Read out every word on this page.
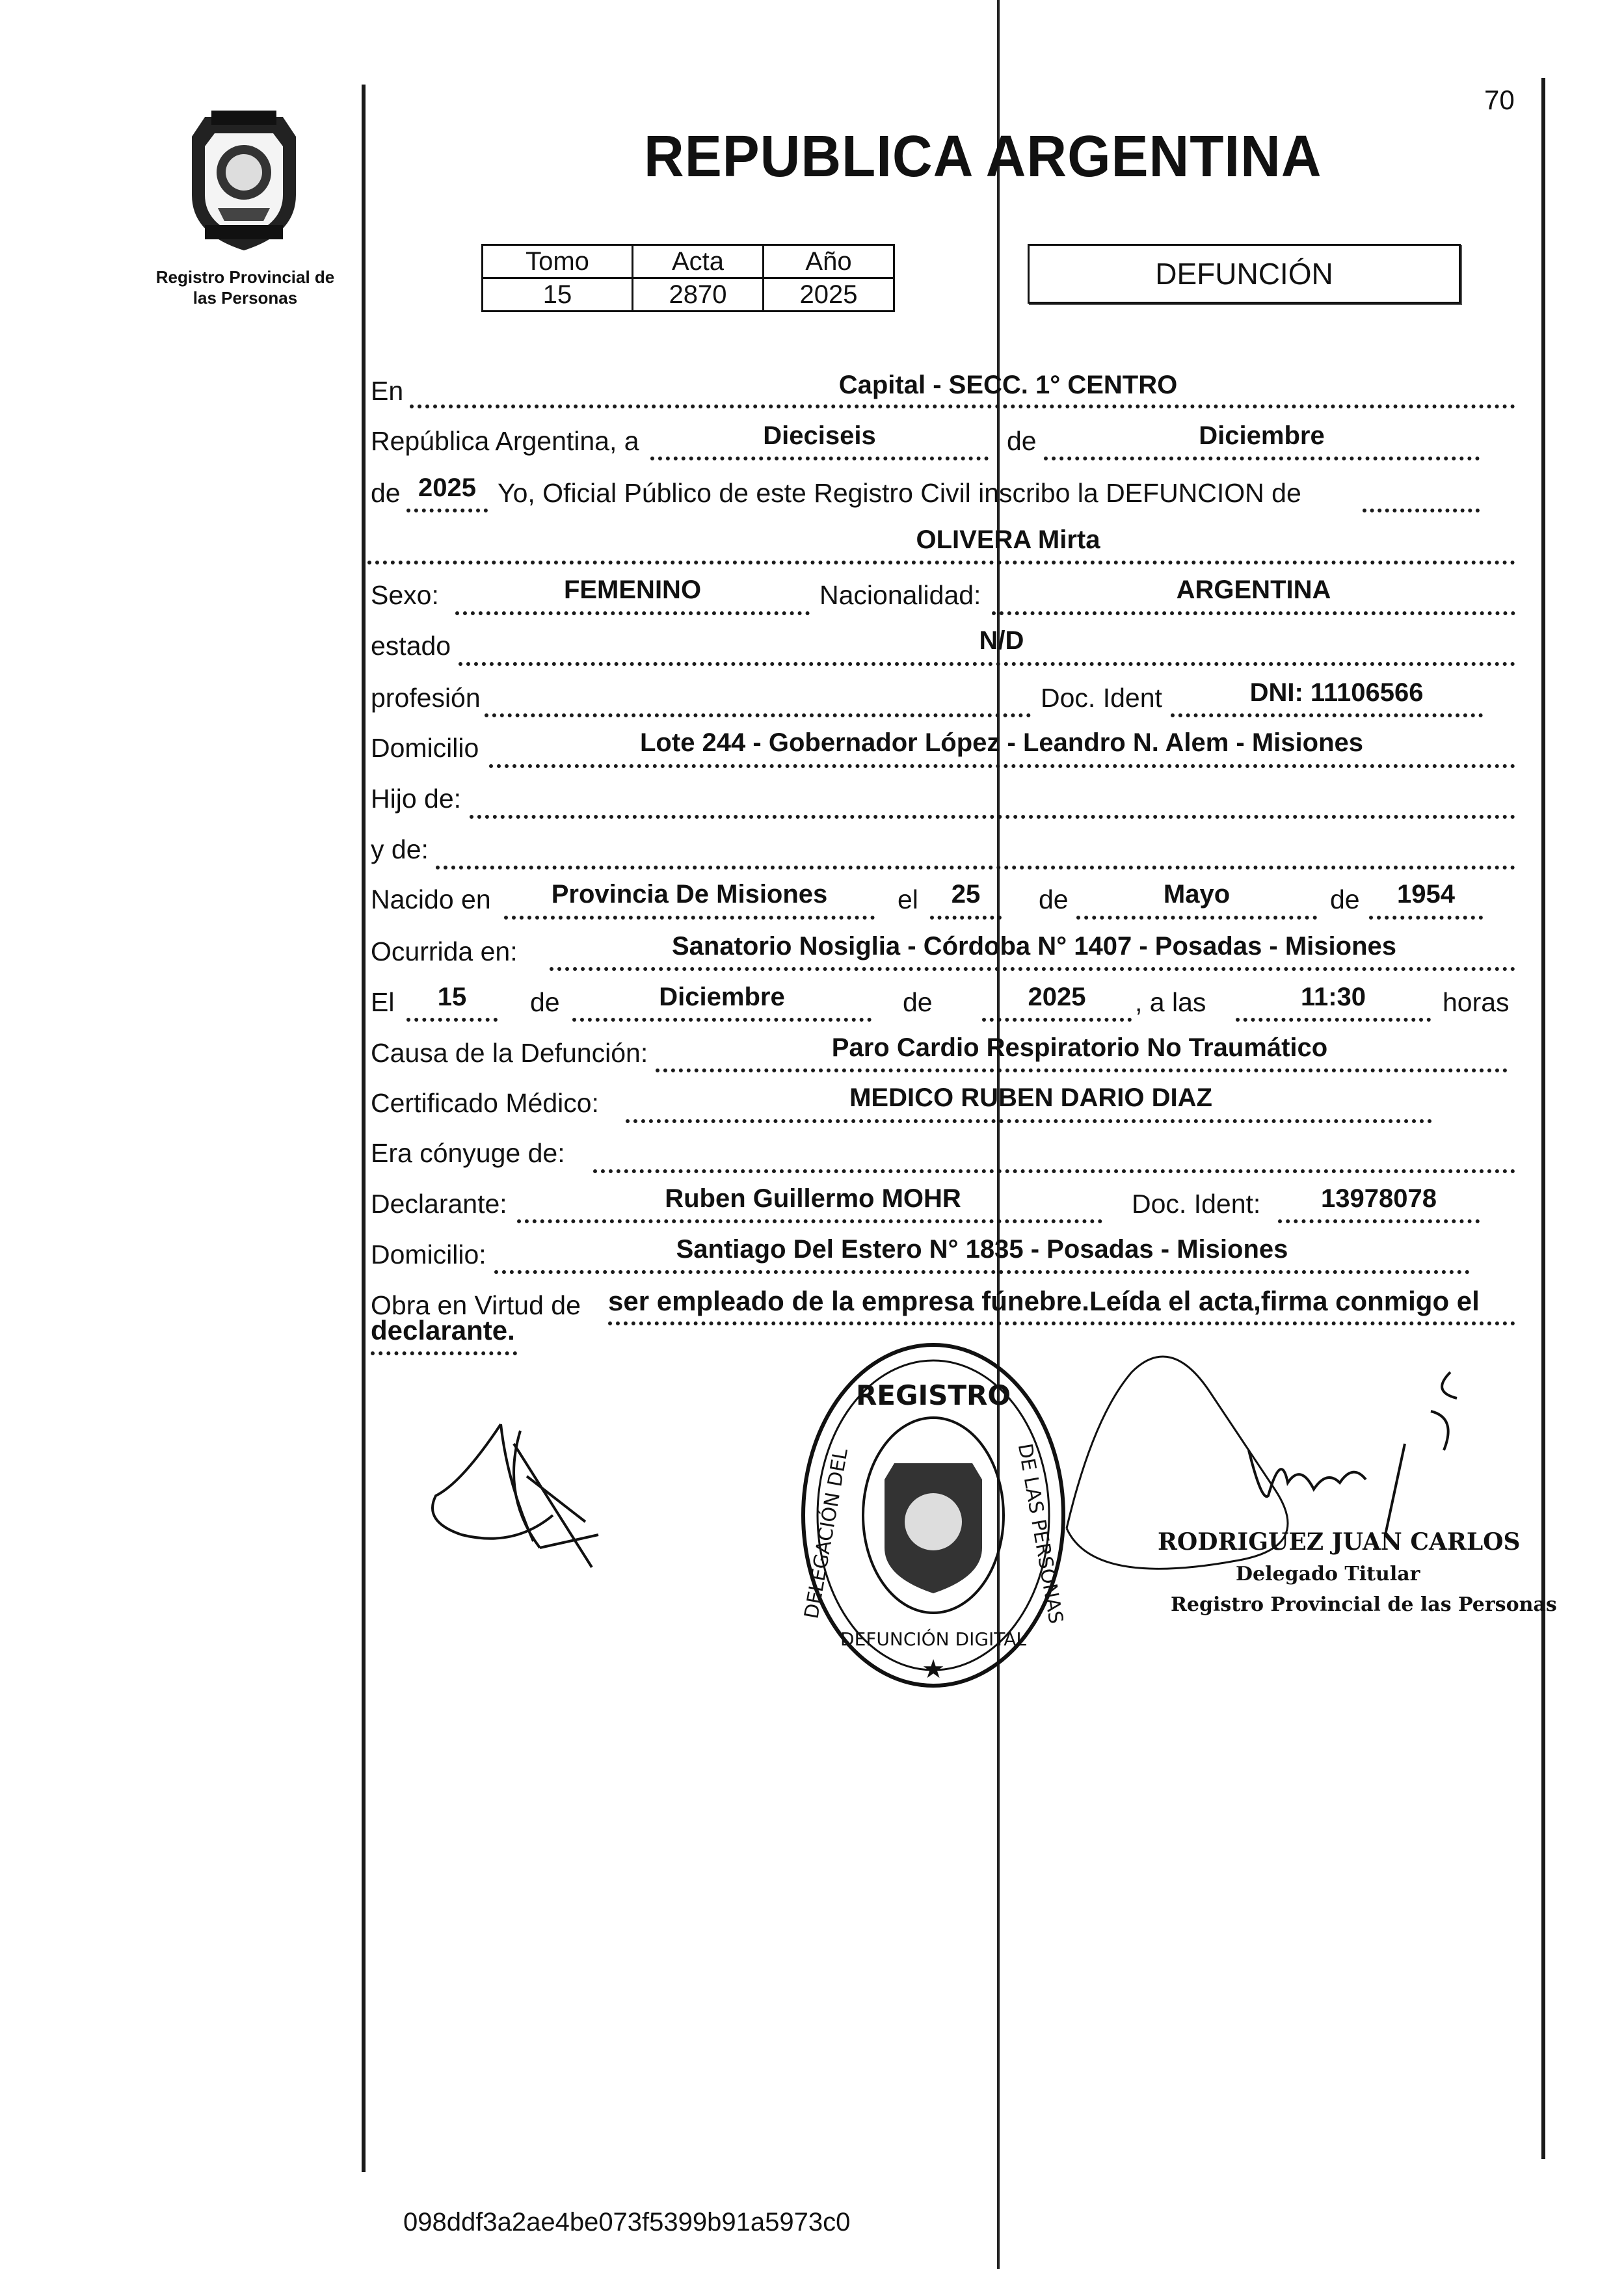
70
REPUBLICA ARGENTINA
Registro Provincial de
las Personas
Tomo	Acta	Año
15	2870	2025
DEFUNCIÓN
En	Capital - SECC. 1° CENTRO
República Argentina, a	Dieciseis	de	Diciembre
de 2025 Yo, Oficial Público de este Registro Civil inscribo la DEFUNCION de
OLIVERA Mirta
Sexo:	FEMENINO	Nacionalidad:	ARGENTINA
estado	N/D
profesión	Doc. Ident	DNI: 11106566
Domicilio	Lote 244 - Gobernador López - Leandro N. Alem - Misiones
Hijo de:
y de:
Nacido en	Provincia De Misiones	el	25	de	Mayo	de	1954
Ocurrida en:	Sanatorio Nosiglia - Córdoba N° 1407 - Posadas - Misiones
El	15	de	Diciembre	de	2025	, a las	11:30	horas
Causa de la Defunción:	Paro Cardio Respiratorio No Traumático
Certificado Médico:	MEDICO RUBEN DARIO DIAZ
Era cónyuge de:
Declarante:	Ruben Guillermo MOHR	Doc. Ident:	13978078
Domicilio:	Santiago Del Estero N° 1835 - Posadas - Misiones
Obra en Virtud de ser empleado de la empresa fúnebre.Leída el acta,firma conmigo el
declarante.
REGISTRO
DEFUNCIÓN DIGITAL
★
DELEGACIÓN DEL	DE LAS PERSONAS	RODRIGUEZ JUAN CARLOS
Delegado Titular
Registro Provincial de las Personas
098ddf3a2ae4be073f5399b91a5973c0
